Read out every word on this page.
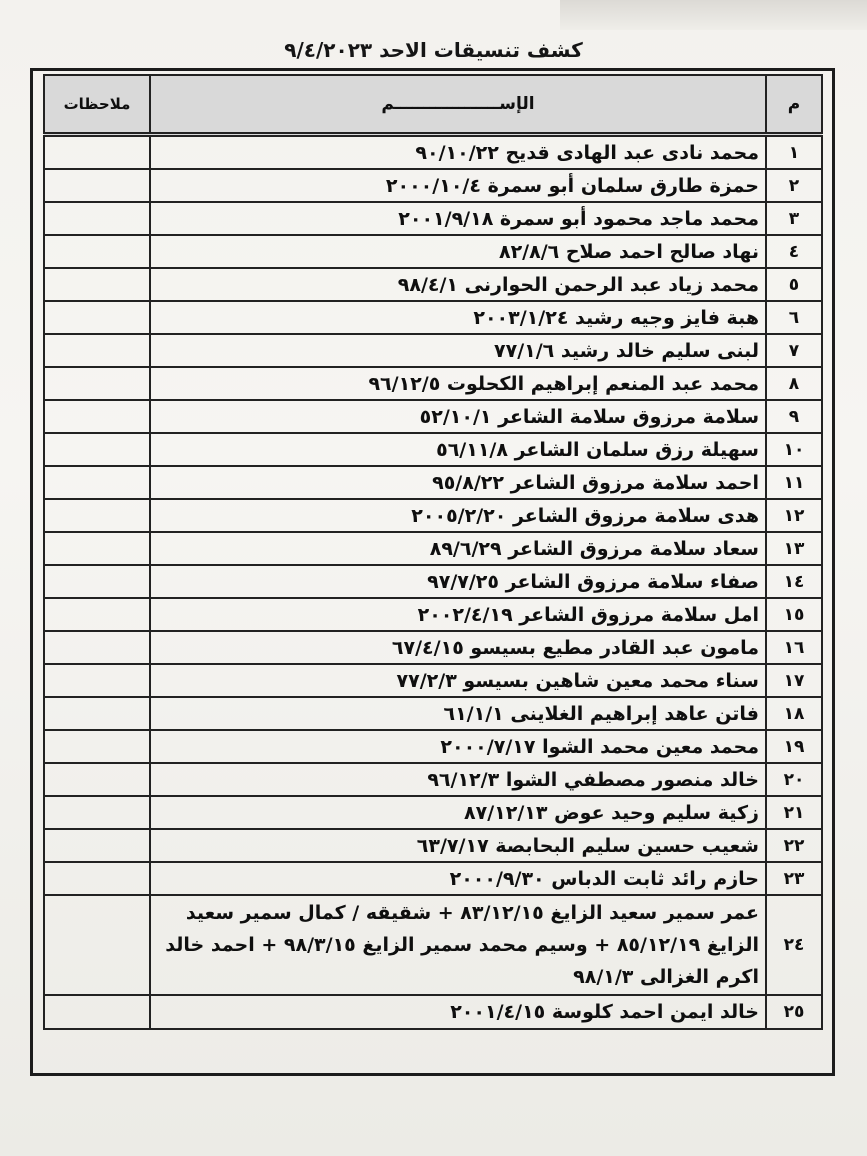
كشف تنسيقات الاحد ٩/٤/٢٠٢٣
م	الإســــــــــــــــــم	ملاحظات
١	محمد نادى عبد الهادى قديح ٩٠/١٠/٢٢	
٢	حمزة طارق سلمان أبو سمرة ٢٠٠٠/١٠/٤	
٣	محمد ماجد محمود أبو سمرة ٢٠٠١/٩/١٨	
٤	نهاد صالح احمد صلاح ٨٢/٨/٦	
٥	محمد زياد عبد الرحمن الحوارنى ٩٨/٤/١	
٦	هبة فايز وجيه رشيد ٢٠٠٣/١/٢٤	
٧	لبنى سليم خالد رشيد ٧٧/١/٦	
٨	محمد عبد المنعم إبراهيم الكحلوت ٩٦/١٢/٥	
٩	سلامة مرزوق سلامة الشاعر ٥٢/١٠/١	
١٠	سهيلة رزق سلمان الشاعر ٥٦/١١/٨	
١١	احمد سلامة مرزوق الشاعر ٩٥/٨/٢٢	
١٢	هدى سلامة مرزوق الشاعر ٢٠٠٥/٢/٢٠	
١٣	سعاد سلامة مرزوق الشاعر ٨٩/٦/٢٩	
١٤	صفاء سلامة مرزوق الشاعر ٩٧/٧/٢٥	
١٥	امل سلامة مرزوق الشاعر ٢٠٠٢/٤/١٩	
١٦	مامون عبد القادر مطيع بسيسو ٦٧/٤/١٥	
١٧	سناء محمد معين شاهين بسيسو ٧٧/٢/٣	
١٨	فاتن عاهد إبراهيم الغلاينى ٦١/١/١	
١٩	محمد معين محمد الشوا ٢٠٠٠/٧/١٧	
٢٠	خالد منصور مصطفي الشوا ٩٦/١٢/٣	
٢١	زكية سليم وحيد عوض ٨٧/١٢/١٣	
٢٢	شعيب حسين سليم البحابصة ٦٣/٧/١٧	
٢٣	حازم رائد ثابت الدباس ٢٠٠٠/٩/٣٠	
٢٤	عمر سمير سعيد الزايغ ٨٣/١٢/١٥ + شقيقه / كمال سمير سعيد الزايغ ٨٥/١٢/١٩ + وسيم محمد سمير الزايغ ٩٨/٣/١٥ + احمد خالد اكرم الغزالى ٩٨/١/٣	
٢٥	خالد ايمن احمد كلوسة ٢٠٠١/٤/١٥	
